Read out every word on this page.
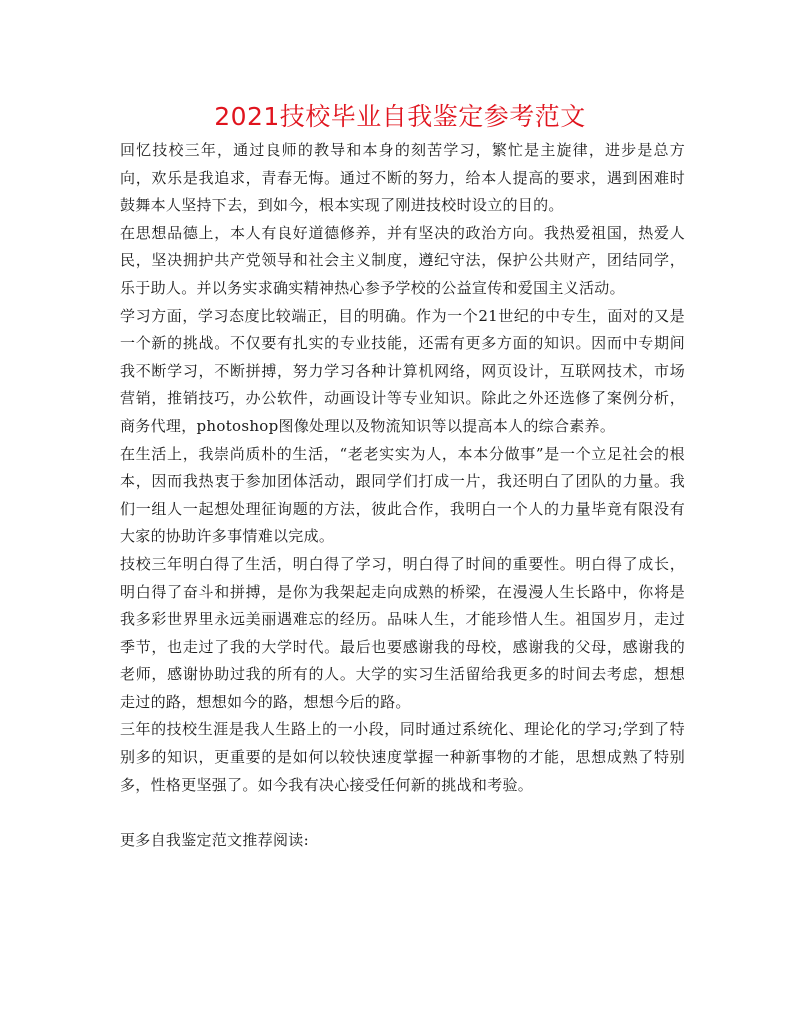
2021技校毕业自我鉴定参考范文

回忆技校三年，通过良师的教导和本身的刻苦学习，繁忙是主旋律，进步是总方向，欢乐是我追求，青春无悔。通过不断的努力，给本人提高的要求，遇到困难时鼓舞本人坚持下去，到如今，根本实现了刚进技校时设立的目的。

在思想品德上，本人有良好道德修养，并有坚决的政治方向。我热爱祖国，热爱人民，坚决拥护共产党领导和社会主义制度，遵纪守法，保护公共财产，团结同学，乐于助人。并以务实求确实精神热心参予学校的公益宣传和爱国主义活动。

学习方面，学习态度比较端正，目的明确。作为一个21世纪的中专生，面对的又是一个新的挑战。不仅要有扎实的专业技能，还需有更多方面的知识。因而中专期间我不断学习，不断拼搏，努力学习各种计算机网络，网页设计，互联网技术，市场营销，推销技巧，办公软件，动画设计等专业知识。除此之外还选修了案例分析，商务代理，photoshop图像处理以及物流知识等以提高本人的综合素养。

在生活上，我崇尚质朴的生活，“老老实实为人，本本分做事”是一个立足社会的根本，因而我热衷于参加团体活动，跟同学们打成一片，我还明白了团队的力量。我们一组人一起想处理征询题的方法，彼此合作，我明白一个人的力量毕竟有限没有大家的协助许多事情难以完成。

技校三年明白得了生活，明白得了学习，明白得了时间的重要性。明白得了成长，明白得了奋斗和拼搏，是你为我架起走向成熟的桥梁，在漫漫人生长路中，你将是我多彩世界里永远美丽遇难忘的经历。品味人生，才能珍惜人生。祖国岁月，走过季节，也走过了我的大学时代。最后也要感谢我的母校，感谢我的父母，感谢我的老师，感谢协助过我的所有的人。大学的实习生活留给我更多的时间去考虑，想想走过的路，想想如今的路，想想今后的路。

三年的技校生涯是我人生路上的一小段，同时通过系统化、理论化的学习;学到了特别多的知识，更重要的是如何以较快速度掌握一种新事物的才能，思想成熟了特别多，性格更坚强了。如今我有决心接受任何新的挑战和考验。

更多自我鉴定范文推荐阅读:
